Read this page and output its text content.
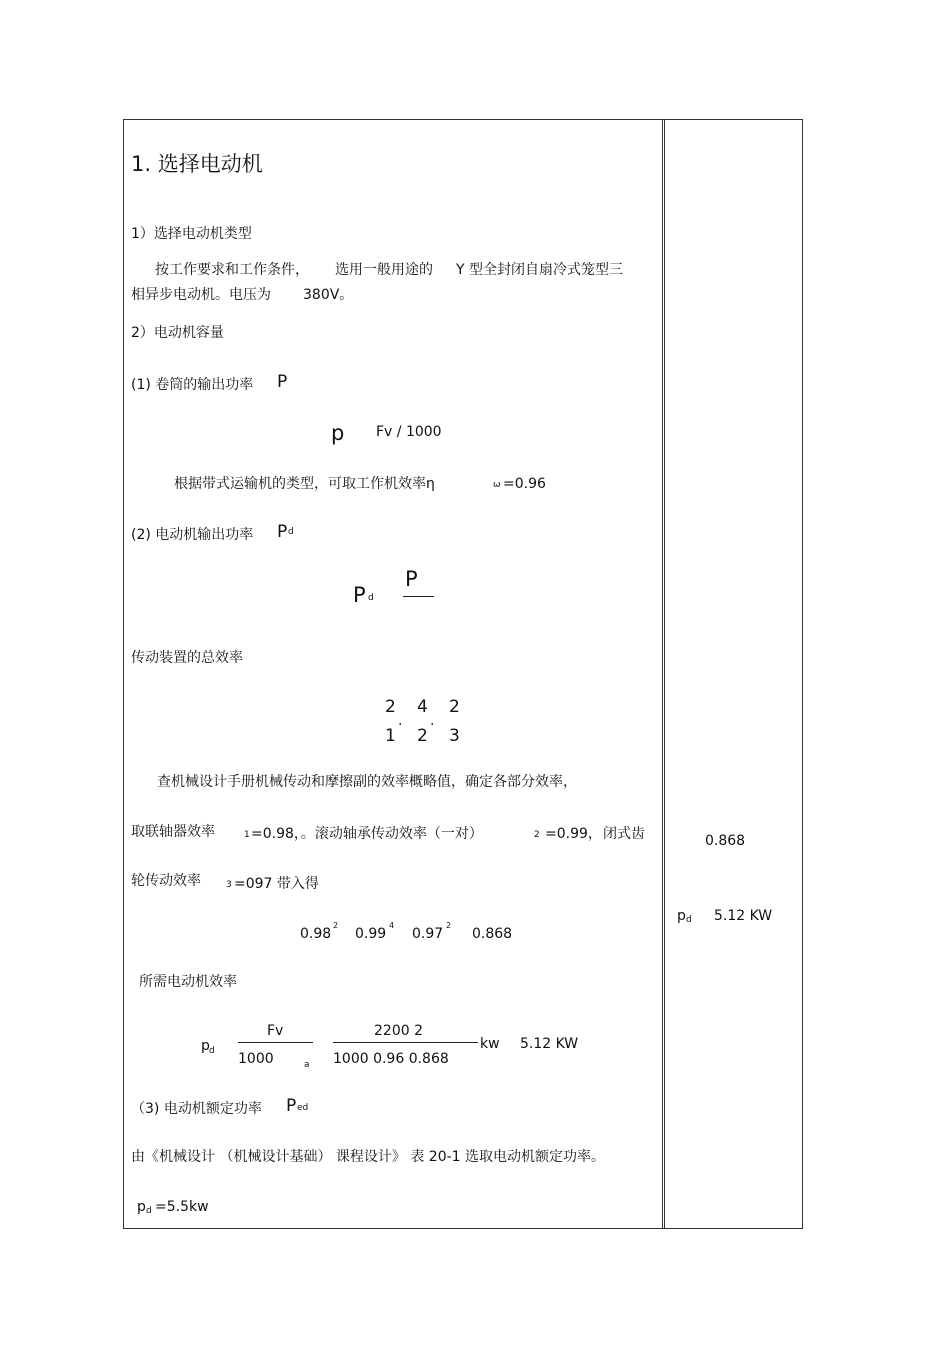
1. 选择电动机
1）选择电动机类型
按工作要求和工作条件， 选用一般用途的 Y 型全封闭自扇冷式笼型三
相异步电动机。电压为 380V。
2）电动机容量
(1) 卷筒的输出功率 P
p Fv / 1000
根据带式运输机的类型，可取工作机效率η	ω =0.96
(2) 电动机输出功率 P d
P d
P
传动装置的总效率
2 4 2
1
·
2
·
3
查机械设计手册机械传动和摩擦副的效率概略值，确定各部分效率，
取联轴器效率	1 =0.98，。滚动轴承传动效率（一对）	2 =0.99， 闭式齿
轮传动效率	3 =097 带入得
0.98
2
0.99
4
0.97
2
0.868
所需电动机效率
p d
Fv
1000	a
2200 2
1000 0.96 0.868
kw 5.12 KW
（3) 电动机额定功率 P ed
由《机械设计 （机械设计基础） 课程设计》 表 20-1 选取电动机额定功率。
p d =5.5kw
0.868
p d 5.12 KW
